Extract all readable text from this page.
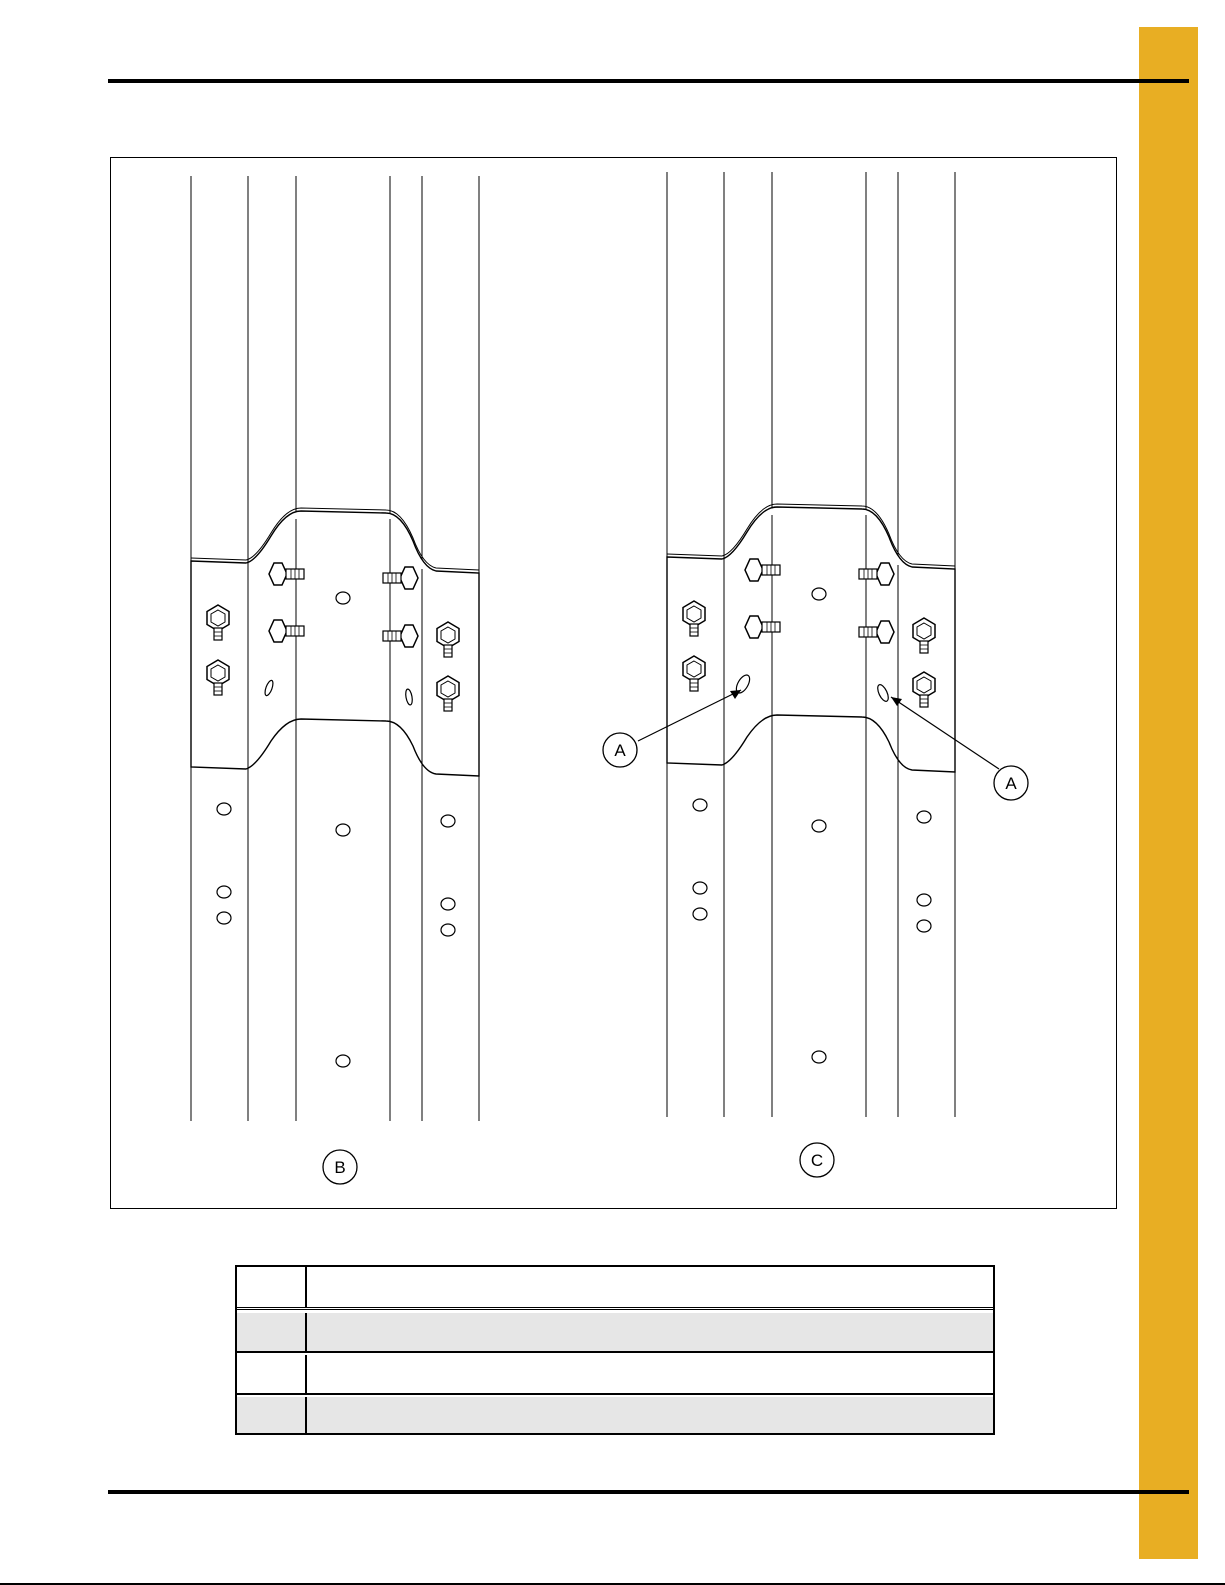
B	C
A
A
